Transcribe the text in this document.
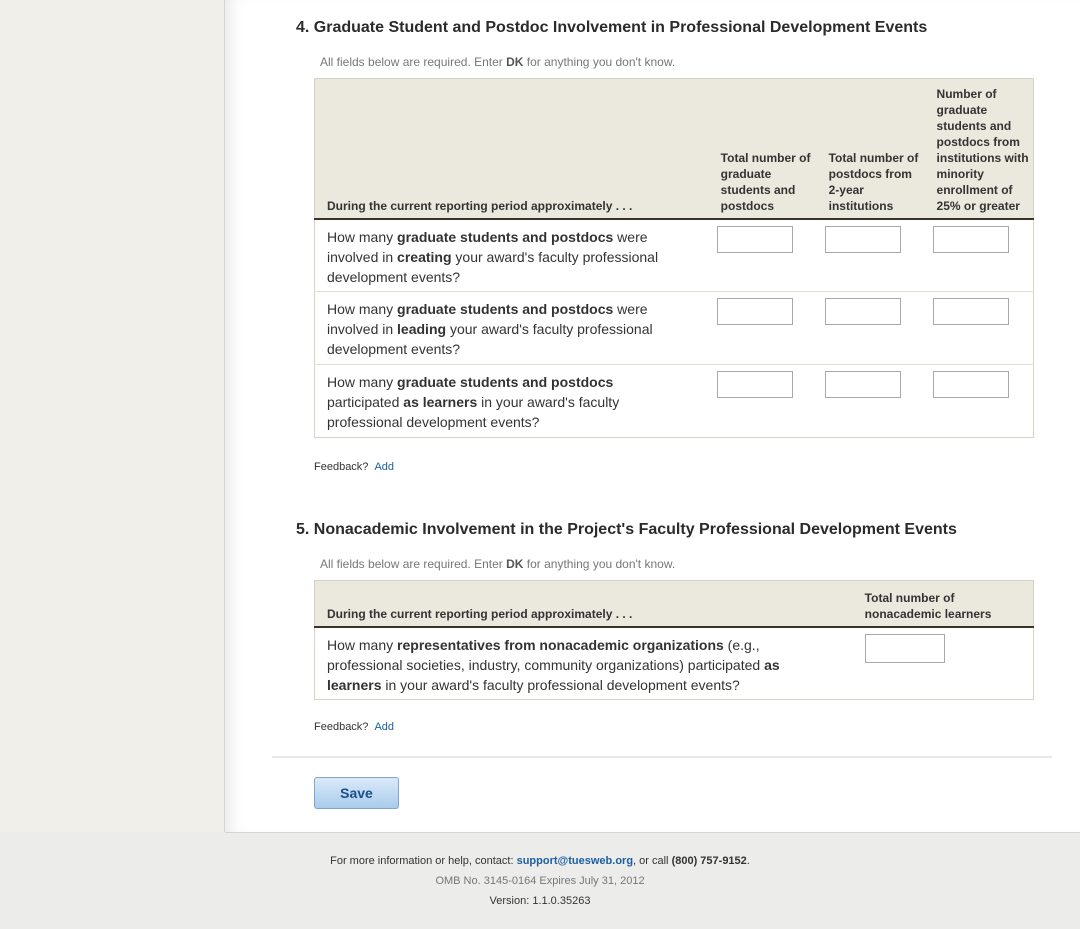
4. Graduate Student and Postdoc Involvement in Professional Development Events
All fields below are required. Enter DK for anything you don't know.
During the current reporting period approximately . . .	Total number of graduate students and postdocs	Total number of postdocs from 2-year institutions	Number of graduate students and postdocs from institutions with minority enrollment of 25% or greater
How many graduate students and postdocs were involved in creating your award's faculty professional development events?			
How many graduate students and postdocs were involved in leading your award's faculty professional development events?			
How many graduate students and postdocs participated as learners in your award's faculty professional development events?			
Feedback? Add
5. Nonacademic Involvement in the Project's Faculty Professional Development Events
All fields below are required. Enter DK for anything you don't know.
During the current reporting period approximately . . .	Total number of nonacademic learners
How many representatives from nonacademic organizations (e.g., professional societies, industry, community organizations) participated as learners in your award's faculty professional development events?	
Feedback? Add
Save
For more information or help, contact: support@tuesweb.org, or call (800) 757-9152.
OMB No. 3145-0164 Expires July 31, 2012
Version: 1.1.0.35263
